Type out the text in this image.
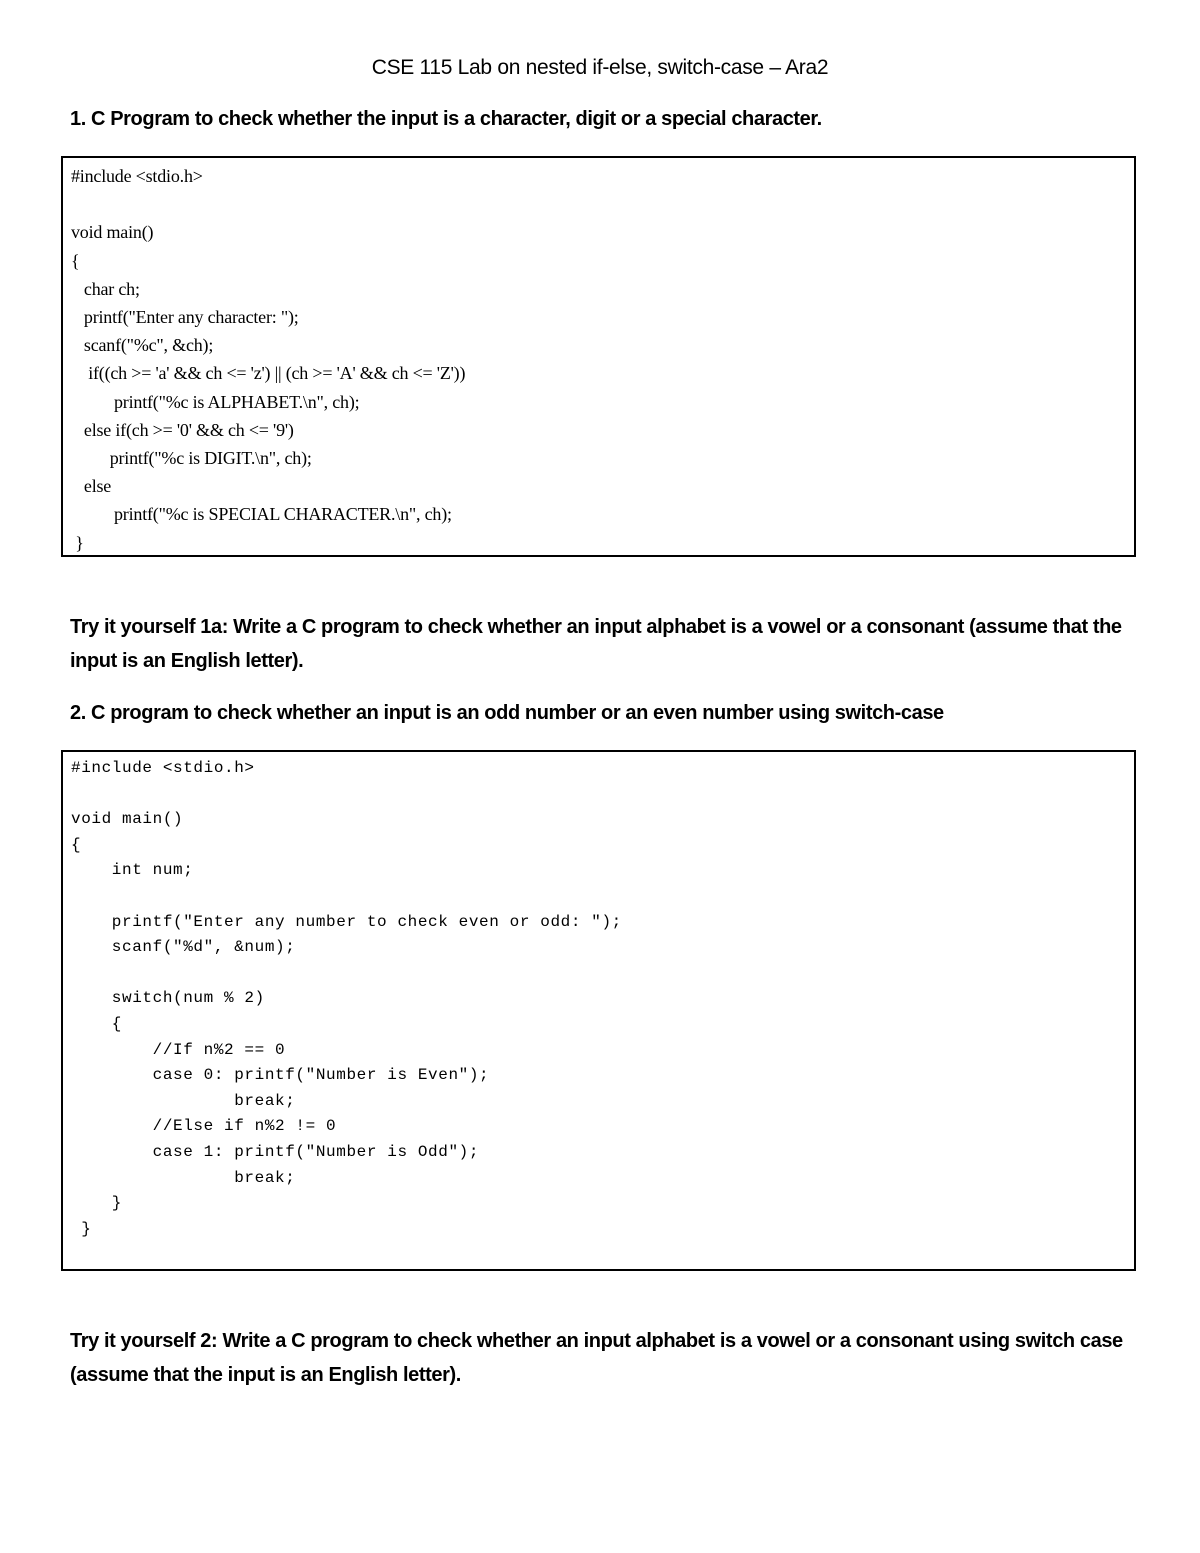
CSE 115 Lab on nested if-else, switch-case – Ara2
1. C Program to check whether the input is a character, digit or a special character.
#include <stdio.h>

void main()
{
char ch;
printf("Enter any character: ");
scanf("%c", &ch);
if((ch >= 'a' && ch <= 'z') || (ch >= 'A' && ch <= 'Z'))
printf("%c is ALPHABET.\n", ch);
else if(ch >= '0' && ch <= '9')
printf("%c is DIGIT.\n", ch);
else
printf("%c is SPECIAL CHARACTER.\n", ch);
}
Try it yourself 1a: Write a C program to check whether an input alphabet is a vowel or a consonant (assume that the input is an English letter).
2. C program to check whether an input is an odd number or an even number using switch-case
#include <stdio.h>

void main()
{
int num;

printf("Enter any number to check even or odd: ");
scanf("%d", &num);

switch(num % 2)
{
//If n%2 == 0
case 0: printf("Number is Even");
break;
//Else if n%2 != 0
case 1: printf("Number is Odd");
break;
}
}
Try it yourself 2: Write a C program to check whether an input alphabet is a vowel or a consonant using switch case (assume that the input is an English letter).
